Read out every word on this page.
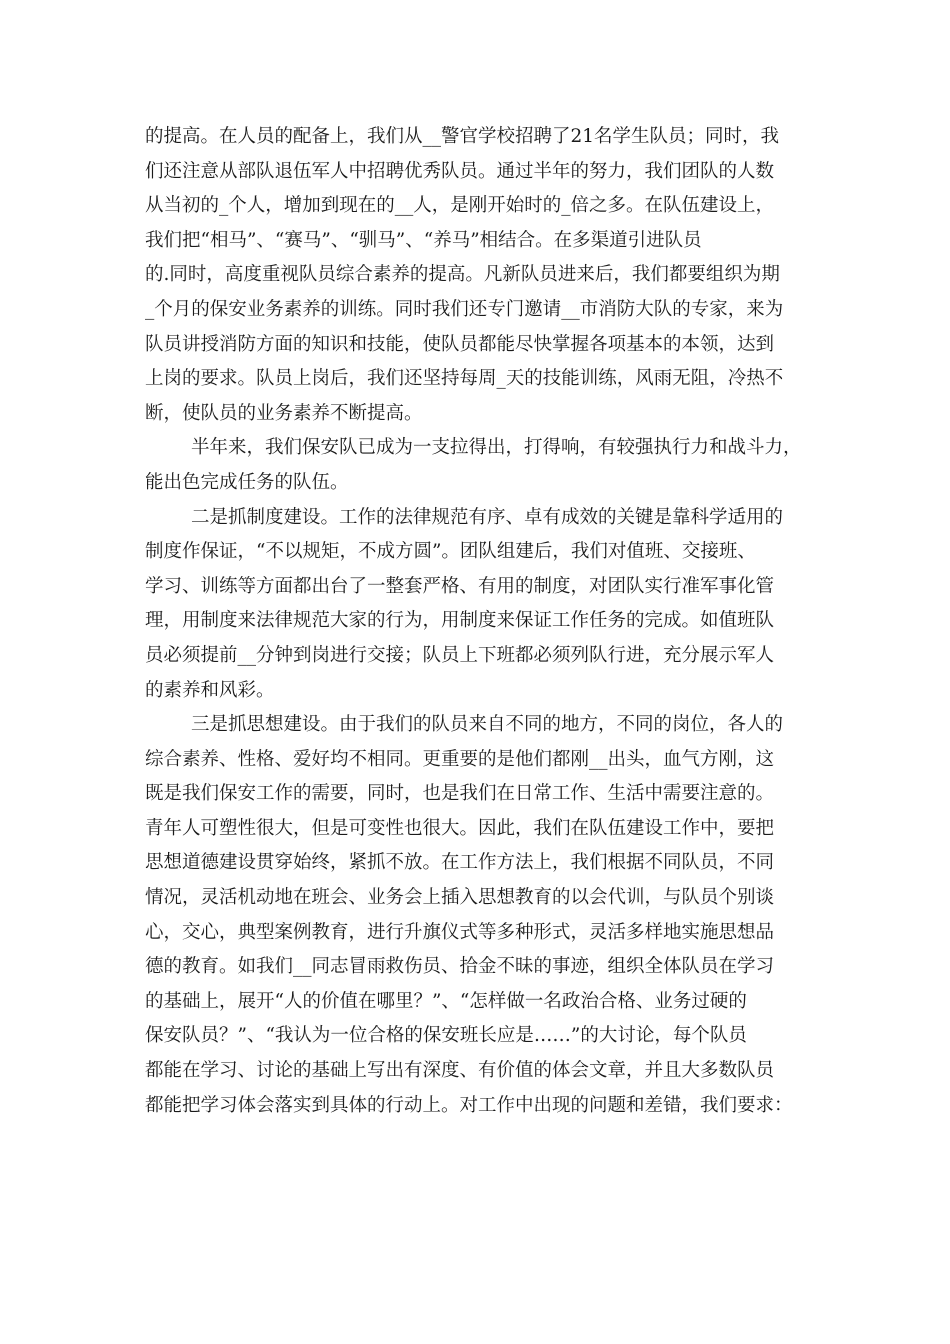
的提高。在人员的配备上，我们从__警官学校招聘了21名学生队员；同时，我
们还注意从部队退伍军人中招聘优秀队员。通过半年的努力，我们团队的人数
从当初的_个人，增加到现在的__人，是刚开始时的_倍之多。在队伍建设上，
我们把“相马”、“赛马”、“驯马”、“养马”相结合。在多渠道引进队员
的.同时，高度重视队员综合素养的提高。凡新队员进来后，我们都要组织为期
_个月的保安业务素养的训练。同时我们还专门邀请__市消防大队的专家，来为
队员讲授消防方面的知识和技能，使队员都能尽快掌握各项基本的本领，达到
上岗的要求。队员上岗后，我们还坚持每周_天的技能训练，风雨无阻，冷热不
断，使队员的业务素养不断提高。
半年来，我们保安队已成为一支拉得出，打得响，有较强执行力和战斗力，
能出色完成任务的队伍。
二是抓制度建设。工作的法律规范有序、卓有成效的关键是靠科学适用的
制度作保证，“不以规矩，不成方圆”。团队组建后，我们对值班、交接班、
学习、训练等方面都出台了一整套严格、有用的制度，对团队实行准军事化管
理，用制度来法律规范大家的行为，用制度来保证工作任务的完成。如值班队
员必须提前__分钟到岗进行交接；队员上下班都必须列队行进，充分展示军人
的素养和风彩。
三是抓思想建设。由于我们的队员来自不同的地方，不同的岗位，各人的
综合素养、性格、爱好均不相同。更重要的是他们都刚__出头，血气方刚，这
既是我们保安工作的需要，同时，也是我们在日常工作、生活中需要注意的。
青年人可塑性很大，但是可变性也很大。因此，我们在队伍建设工作中，要把
思想道德建设贯穿始终，紧抓不放。在工作方法上，我们根据不同队员，不同
情况，灵活机动地在班会、业务会上插入思想教育的以会代训，与队员个别谈
心，交心，典型案例教育，进行升旗仪式等多种形式，灵活多样地实施思想品
德的教育。如我们__同志冒雨救伤员、拾金不昧的事迹，组织全体队员在学习
的基础上，展开“人的价值在哪里？”、“怎样做一名政治合格、业务过硬的
保安队员？”、“我认为一位合格的保安班长应是……”的大讨论，每个队员
都能在学习、讨论的基础上写出有深度、有价值的体会文章，并且大多数队员
都能把学习体会落实到具体的行动上。对工作中出现的问题和差错，我们要求：
